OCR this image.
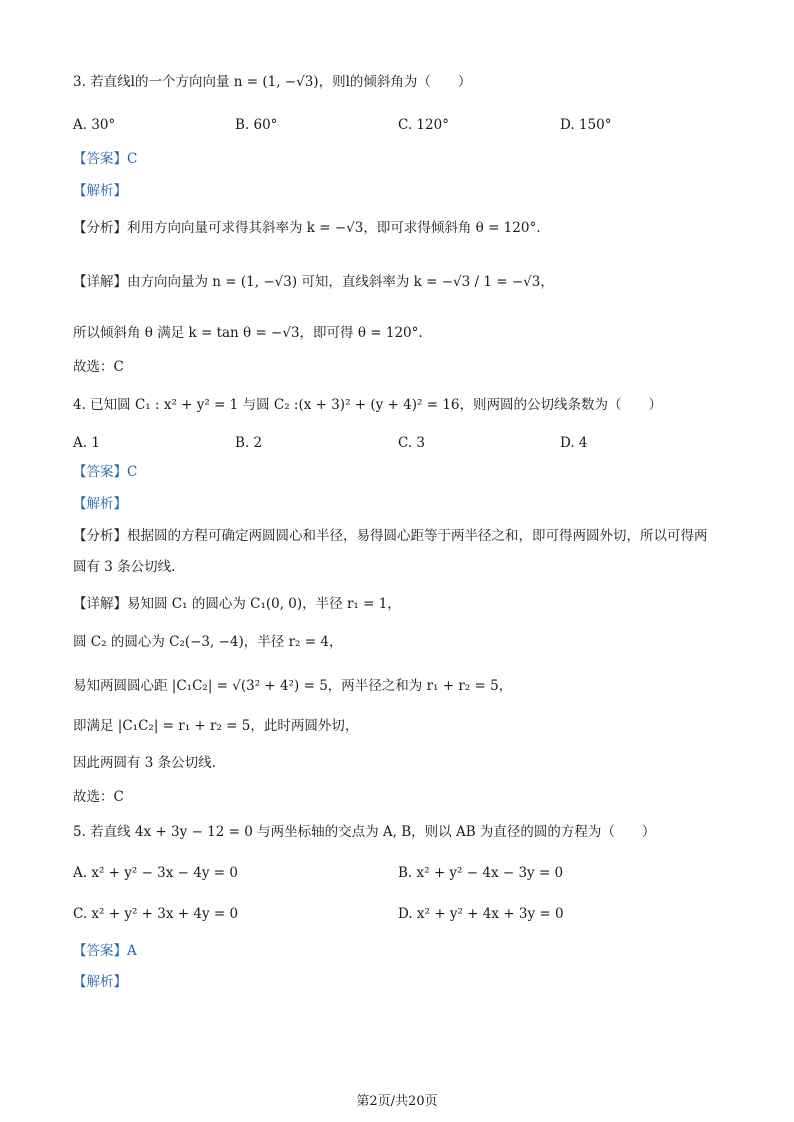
3. 若直线l的一个方向向量 n = (1, −√3)，则l的倾斜角为（　　）
A. 30°	B. 60°	C. 120°	D. 150°
【答案】C
【解析】
【分析】利用方向向量可求得其斜率为 k = −√3，即可求得倾斜角 θ = 120°.
【详解】由方向向量为 n = (1, −√3) 可知，直线斜率为 k = −√3 / 1 = −√3，
所以倾斜角 θ 满足 k = tan θ = −√3，即可得 θ = 120°.
故选：C
4. 已知圆 C₁ : x² + y² = 1 与圆 C₂ :(x + 3)² + (y + 4)² = 16，则两圆的公切线条数为（　　）
A. 1	B. 2	C. 3	D. 4
【答案】C
【解析】
【分析】根据圆的方程可确定两圆圆心和半径，易得圆心距等于两半径之和，即可得两圆外切，所以可得两
圆有 3 条公切线.
【详解】易知圆 C₁ 的圆心为 C₁(0, 0)，半径 r₁ = 1，
圆 C₂ 的圆心为 C₂(−3, −4)，半径 r₂ = 4，
易知两圆圆心距 |C₁C₂| = √(3² + 4²) = 5，两半径之和为 r₁ + r₂ = 5，
即满足 |C₁C₂| = r₁ + r₂ = 5，此时两圆外切，
因此两圆有 3 条公切线.
故选：C
5. 若直线 4x + 3y − 12 = 0 与两坐标轴的交点为 A, B，则以 AB 为直径的圆的方程为（　　）
A. x² + y² − 3x − 4y = 0	B. x² + y² − 4x − 3y = 0
C. x² + y² + 3x + 4y = 0	D. x² + y² + 4x + 3y = 0
【答案】A
【解析】
第2页/共20页
